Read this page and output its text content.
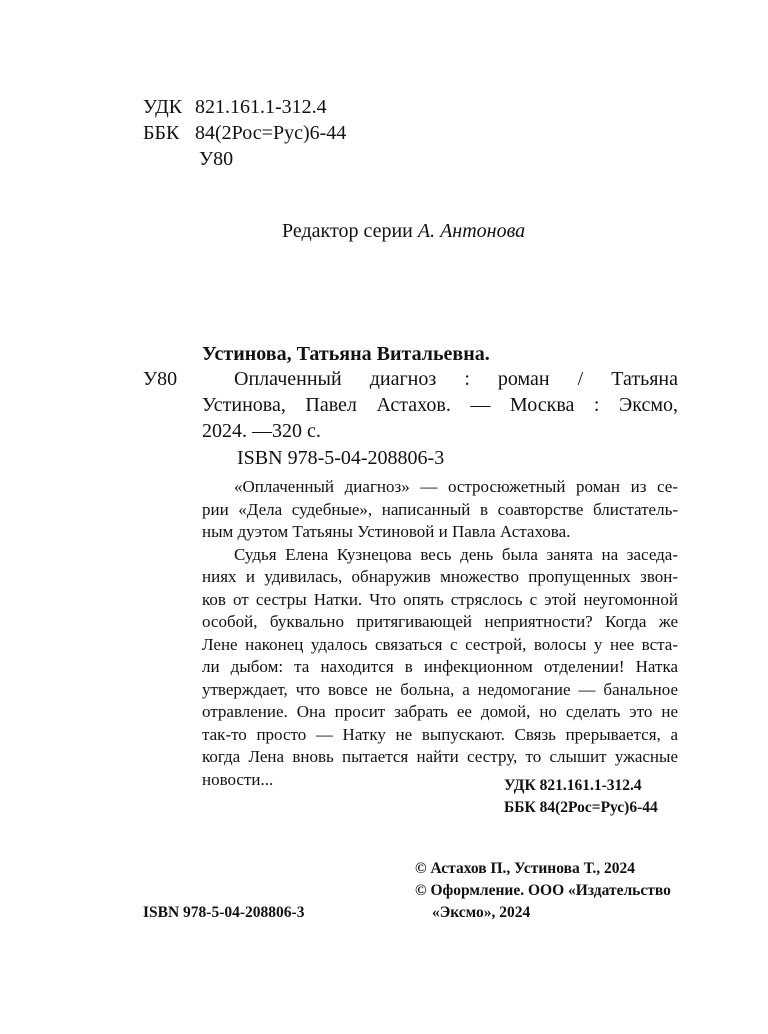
УДК	821.161.1-312.4
ББК	84(2Рос=Рус)6-44
	У80
Редактор серии А. Антонова
Устинова, Татьяна Витальевна.
У80	Оплаченный диагноз : роман / Татьяна
Устинова, Павел Астахов. — Москва : Эксмо,
2024. —320 с.
ISBN 978-5-04-208806-3
«Оплаченный диагноз» — остросюжетный роман из се-
рии «Дела судебные», написанный в соавторстве блистатель-
ным дуэтом Татьяны Устиновой и Павла Астахова.
Судья Елена Кузнецова весь день была занята на заседа-
ниях и удивилась, обнаружив множество пропущенных звон-
ков от сестры Натки. Что опять стряслось с этой неугомонной
особой, буквально притягивающей неприятности? Когда же
Лене наконец удалось связаться с сестрой, волосы у нее вста-
ли дыбом: та находится в инфекционном отделении! Натка
утверждает, что вовсе не больна, а недомогание — банальное
отравление. Она просит забрать ее домой, но сделать это не
так-то просто — Натку не выпускают. Связь прерывается, а
когда Лена вновь пытается найти сестру, то слышит ужасные
новости...	УДК 821.161.1-312.4
ББК 84(2Рос=Рус)6-44
© Астахов П., Устинова Т., 2024
© Оформление. ООО «Издательство
«Эксмо», 2024
ISBN 978-5-04-208806-3
